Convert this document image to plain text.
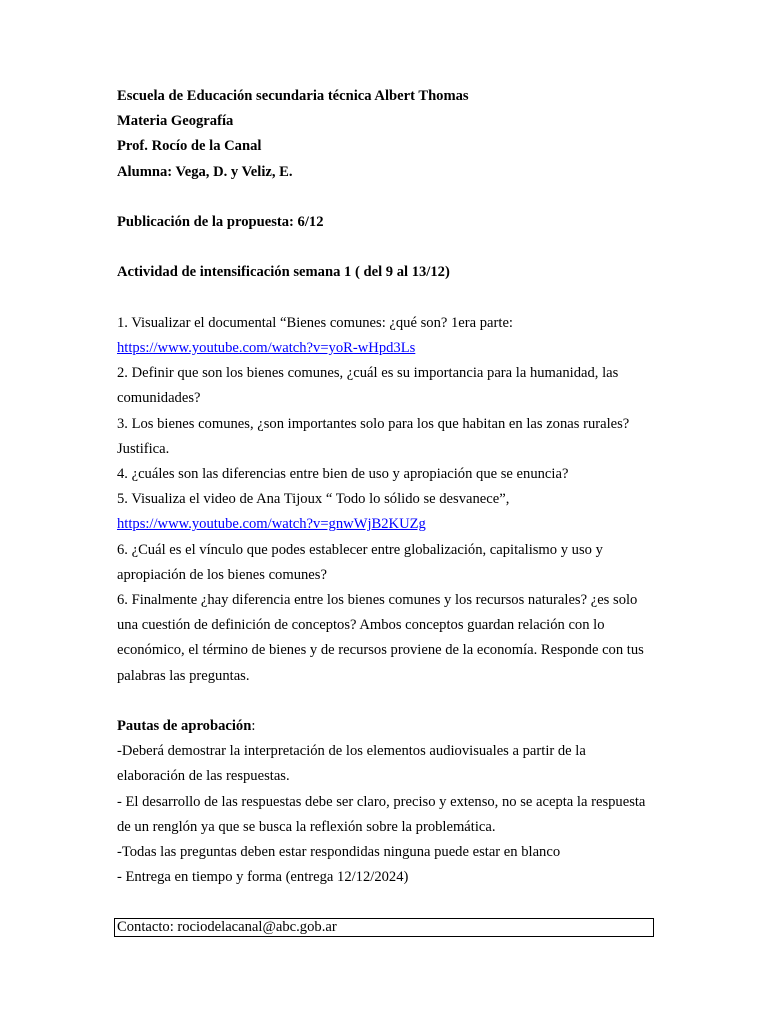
Escuela de Educación secundaria técnica Albert Thomas

Materia Geografía

Prof. Rocío de la Canal

Alumna: Vega, D. y Veliz, E.

Publicación de la propuesta: 6/12

Actividad de intensificación semana 1 ( del 9 al 13/12)

1. Visualizar el documental “Bienes comunes: ¿qué son? 1era parte:

https://www.youtube.com/watch?v=yoR-wHpd3Ls

2. Definir que son los bienes comunes, ¿cuál es su importancia para la humanidad, las comunidades?

3. Los bienes comunes, ¿son importantes solo para los que habitan en las zonas rurales? Justifica.

4. ¿cuáles son las diferencias entre bien de uso y apropiación que se enuncia?

5. Visualiza el video de Ana Tijoux “ Todo lo sólido se desvanece”,

https://www.youtube.com/watch?v=gnwWjB2KUZg

6. ¿Cuál es el vínculo que podes establecer entre globalización, capitalismo y uso y apropiación de los bienes comunes?

6. Finalmente ¿hay diferencia entre los bienes comunes y los recursos naturales? ¿es solo una cuestión de definición de conceptos? Ambos conceptos guardan relación con lo económico, el término de bienes y de recursos proviene de la economía. Responde con tus palabras las preguntas.

Pautas de aprobación:

-Deberá demostrar la interpretación de los elementos audiovisuales a partir de la elaboración de las respuestas.

- El desarrollo de las respuestas debe ser claro, preciso y extenso, no se acepta la respuesta de un renglón ya que se busca la reflexión sobre la problemática.

-Todas las preguntas deben estar respondidas ninguna puede estar en blanco

- Entrega en tiempo y forma (entrega 12/12/2024)

Contacto: rociodelacanal@abc.gob.ar
